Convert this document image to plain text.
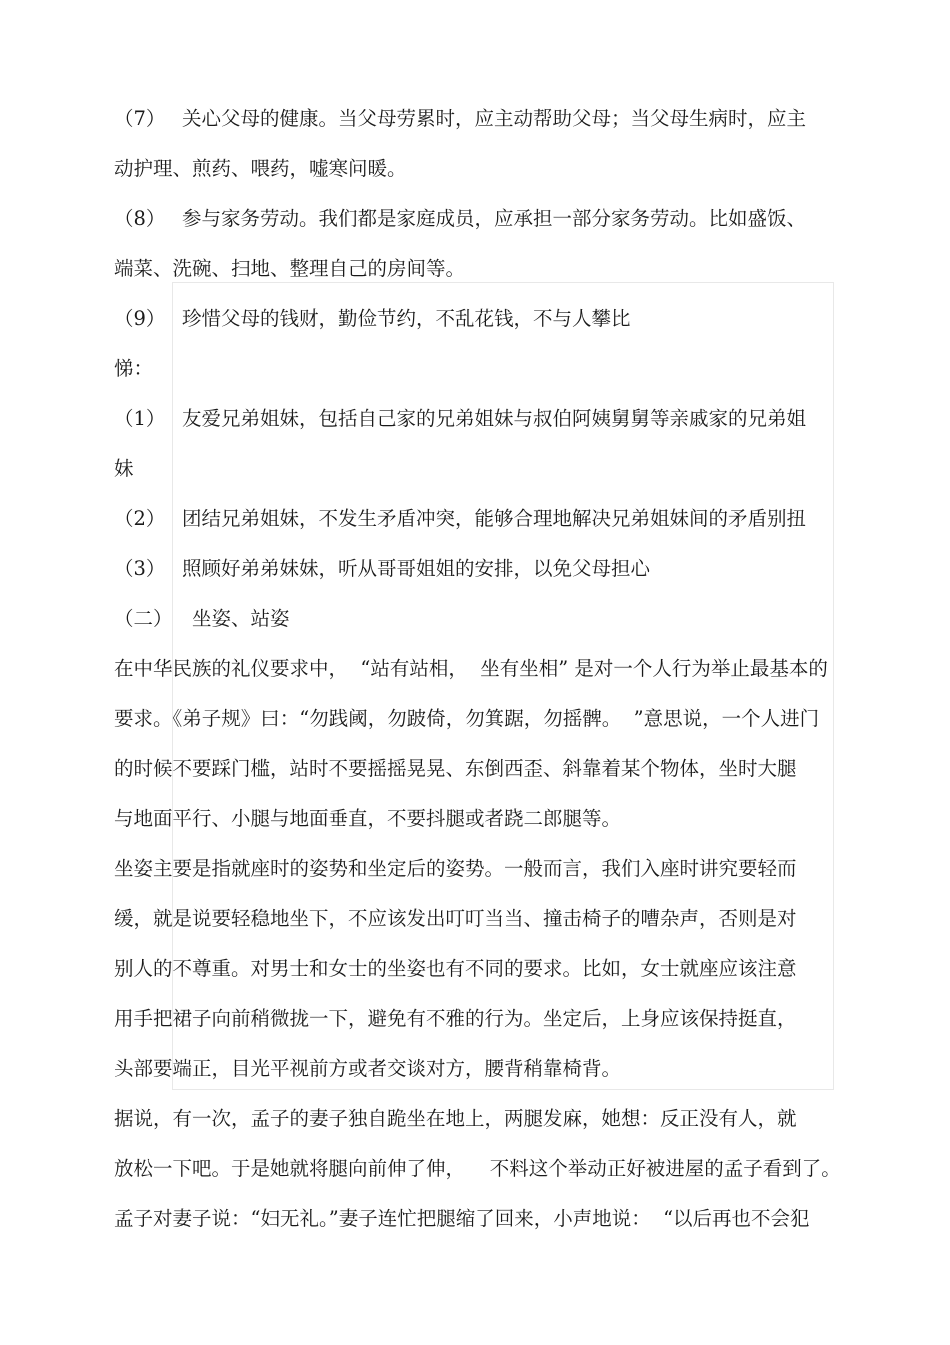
（7） 关心父母的健康。当父母劳累时，应主动帮助父母；当父母生病时，应主
动护理、煎药、喂药，嘘寒问暖。
（8） 参与家务劳动。我们都是家庭成员，应承担一部分家务劳动。比如盛饭、
端菜、洗碗、扫地、整理自己的房间等。
（9） 珍惜父母的钱财，勤俭节约，不乱花钱，不与人攀比
悌：
（1） 友爱兄弟姐妹，包括自己家的兄弟姐妹与叔伯阿姨舅舅等亲戚家的兄弟姐
妹
（2） 团结兄弟姐妹，不发生矛盾冲突，能够合理地解决兄弟姐妹间的矛盾别扭
（3） 照顾好弟弟妹妹，听从哥哥姐姐的安排，以免父母担心
（二） 坐姿、站姿
在中华民族的礼仪要求中，  “站有站相，  坐有坐相” 是对一个人行为举止最基本的
要求。《弟子规》曰：“勿践阈，勿跛倚，勿箕踞，勿摇髀。  ”意思说，一个人进门
的时候不要踩门槛，站时不要摇摇晃晃、东倒西歪、斜靠着某个物体，坐时大腿
与地面平行、小腿与地面垂直，不要抖腿或者跷二郎腿等。
坐姿主要是指就座时的姿势和坐定后的姿势。一般而言，我们入座时讲究要轻而
缓，就是说要轻稳地坐下，不应该发出叮叮当当、撞击椅子的嘈杂声，否则是对
别人的不尊重。对男士和女士的坐姿也有不同的要求。比如，女士就座应该注意
用手把裙子向前稍微拢一下，避免有不雅的行为。坐定后，上身应该保持挺直，
头部要端正，目光平视前方或者交谈对方，腰背稍靠椅背。
据说，有一次，孟子的妻子独自跪坐在地上，两腿发麻，她想：反正没有人，就
放松一下吧。于是她就将腿向前伸了伸，    不料这个举动正好被进屋的孟子看到了。
孟子对妻子说：“妇无礼。”妻子连忙把腿缩了回来，小声地说：  “以后再也不会犯
